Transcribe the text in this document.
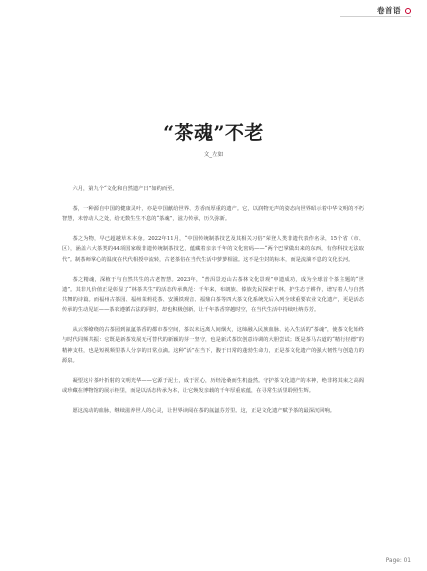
卷首语
“茶魂”不老
文_左如

六月，第九个“文化和自然遗产日”如约而至。

茶，一种源自中国的健康灵叶，亦是中国献给世界、芳香而厚重的遗产。它，以润物无声的姿态向世界昭示着中华文明的不朽智慧，未曾动人之处，给无数生生不息的“茶魂”，滋力传承，历久弥新。

茶之为物，早已超越草木本身。2022年11月，“中国传统制茶技艺及其相关习俗”荣登人类非遗代表作名录，15个省（市、区），涵盖六大茶类的44项国家级非遗传统制茶技艺，蕴藏着亲亲千年的文化密码——“两个巴掌做出来的东西，有你科技无法取代”。制茶师掌心的温度在代代相授中流转，古老茶俗在当代生活中萝萝相滋。这不是尘封的标本，而是流淌不息的文化长河。

茶之精魂，深植于与自然共生的古老智慧。2023年，“普洱景迈山古茶林文化景观”申遗成功，成为全球首个茶主题的“世遗”。其非凡价值正是彰显了“林茶共生”的活态传承典范：千年来，布朗族、傣族先民探索于林，护生态于耕作，谱写着人与自然共舞的诗篇。而福州古茶园、福州茉莉花茶、安溪铁观音、福鼎白茶等四大茶文化系统先后入列全球重要农业文化遗产，更是活态传承的生动见证——茶农遵循古法的同时，却也积极创新，让千年茶香穿越时空，在当代生活中持续吐纳芬芳。

从云雾缭绕的古茶园到氤氲茶香的都市茶空间，茶以未远离人间烟火，这缔融入民族血脉、沁入生活的“茶魂”，使茶文化始终与时代同频共振：它既是新茶发展无可替代的新颖的芽一坚守，也是新式茶饮创意诗调的大胆尝试；既是茶马古道的“精行径德”的精神支柱，也是短视频里茶人分享的日常点滴。这种“活”在当下，馥于日常的蓬勃生命力，正是茶文化遗产的强大韧性与创造力的源泉。

凝望这片茶叶折射的文明光华——它源于泥土，成于匠心，历经沧桑而生机盎然。守护茶文化遗产的本神，绝非将其束之高阁或珍藏在博物馆的展示柜里，而是以活态传承为本，让它焕发亲载的千年厚重底蕴，在寻常生活里聆照生辉。

愿这流动的血脉，继续滋养世人的心灵，让世界读阅在茶的氤氲芬芳里。这，正是文化遗产赋予茶的最深沉回响。

Page: 01
